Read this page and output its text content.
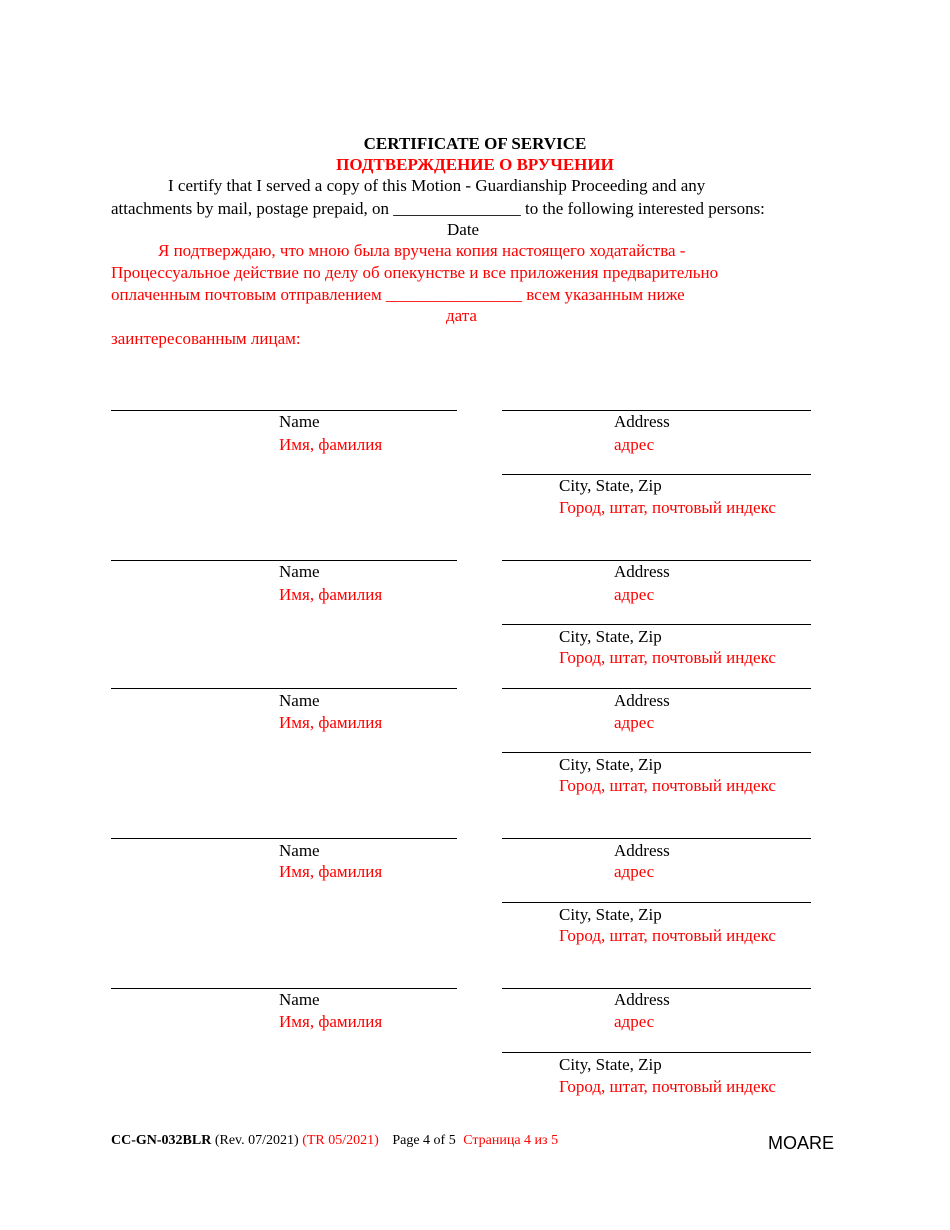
CERTIFICATE OF SERVICE
ПОДТВЕРЖДЕНИЕ О ВРУЧЕНИИ
I certify that I served a copy of this Motion - Guardianship Proceeding and any
attachments by mail, postage prepaid, on _______________ to the following interested persons:
Date
Я подтверждаю, что мною была вручена копия настоящего ходатайства -
Процессуальное действие по делу об опекунстве и все приложения предварительно
оплаченным почтовым отправлением ________________ всем указанным ниже
дата
заинтересованным лицам:
Name
Имя, фамилия
Address
адрес
City, State, Zip
Город, штат, почтовый индекс
Name
Имя, фамилия
Address
адрес
City, State, Zip
Город, штат, почтовый индекс
Name
Имя, фамилия
Address
адрес
City, State, Zip
Город, штат, почтовый индекс
Name
Имя, фамилия
Address
адрес
City, State, Zip
Город, штат, почтовый индекс
Name
Имя, фамилия
Address
адрес
City, State, Zip
Город, штат, почтовый индекс
CC-GN-032BLR (Rev. 07/2021) (TR 05/2021) Page 4 of 5 Страница 4 из 5	MOARE
